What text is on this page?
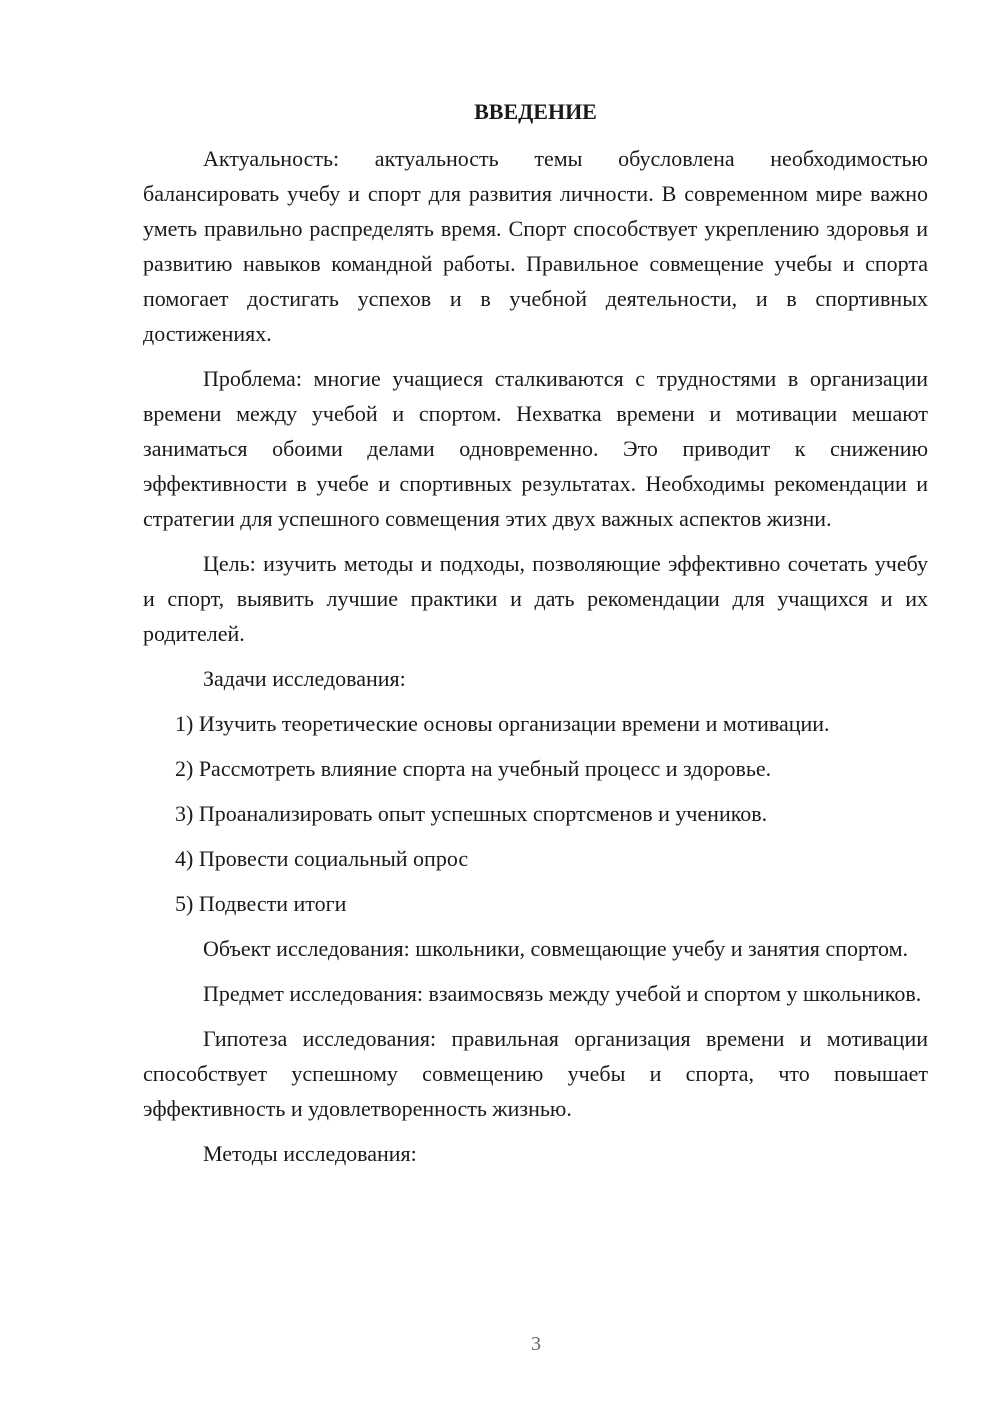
ВВЕДЕНИЕ

Актуальность: актуальность темы обусловлена необходимостью балансировать учебу и спорт для развития личности. В современном мире важно уметь правильно распределять время. Спорт способствует укреплению здоровья и развитию навыков командной работы. Правильное совмещение учебы и спорта помогает достигать успехов и в учебной деятельности, и в спортивных достижениях.

Проблема: многие учащиеся сталкиваются с трудностями в организации времени между учебой и спортом. Нехватка времени и мотивации мешают заниматься обоими делами одновременно. Это приводит к снижению эффективности в учебе и спортивных результатах. Необходимы рекомендации и стратегии для успешного совмещения этих двух важных аспектов жизни.

Цель: изучить методы и подходы, позволяющие эффективно сочетать учебу и спорт, выявить лучшие практики и дать рекомендации для учащихся и их родителей.

Задачи исследования:

1) Изучить теоретические основы организации времени и мотивации.
2) Рассмотреть влияние спорта на учебный процесс и здоровье.
3) Проанализировать опыт успешных спортсменов и учеников.
4) Провести социальный опрос
5) Подвести итоги

Объект исследования: школьники, совмещающие учебу и занятия спортом.

Предмет исследования: взаимосвязь между учебой и спортом у школьников.

Гипотеза исследования: правильная организация времени и мотивации способствует успешному совмещению учебы и спорта, что повышает эффективность и удовлетворенность жизнью.

Методы исследования:

3
